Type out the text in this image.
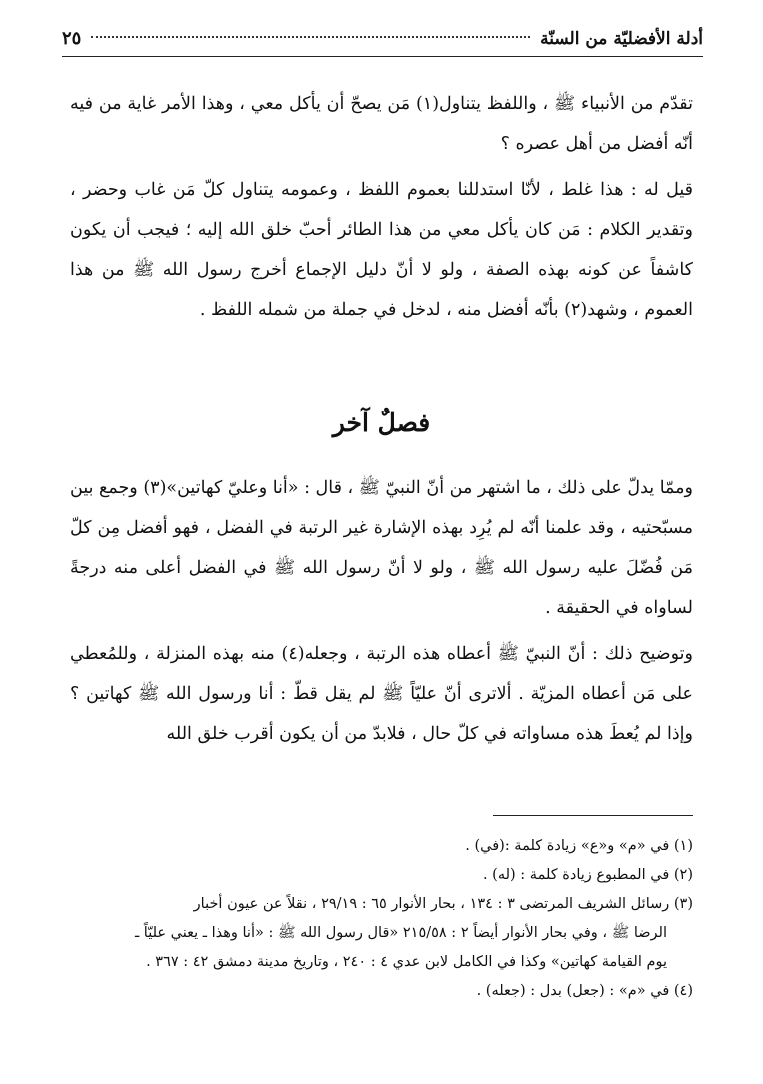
أدلة الأفضليّة من السنّة
٢٥

تقدّم من الأنبياء ﷺ ، واللفظ يتناول(١) مَن يصحّ أن يأكل معي ، وهذا الأمر غاية من فيه أنّه أفضل من أهل عصره ؟

قيل له : هذا غلط ، لأنّا استدللنا بعموم اللفظ ، وعمومه يتناول كلّ مَن غاب وحضر ، وتقدير الكلام : مَن كان يأكل معي من هذا الطائر أحبّ خلق الله إليه ؛ فيجب أن يكون كاشفاً عن كونه بهذه الصفة ، ولو لا أنّ دليل الإجماع أخرج رسول الله ﷺ من هذا العموم ، وشهد(٢) بأنّه أفضل منه ، لدخل في جملة من شمله اللفظ .

فصلٌ آخر

وممّا يدلّ على ذلك ، ما اشتهر من أنّ النبيّ ﷺ ، قال : «أنا وعليّ كهاتين»(٣) وجمع بين مسبّحتيه ، وقد علمنا أنّه لم يُرِد بهذه الإشارة غير الرتبة في الفضل ، فهو أفضل مِن كلّ مَن فُضّلَ عليه رسول الله ﷺ ، ولو لا أنّ رسول الله ﷺ في الفضل أعلى منه درجةً لساواه في الحقيقة .

وتوضيح ذلك : أنّ النبيّ ﷺ أعطاه هذه الرتبة ، وجعله(٤) منه بهذه المنزلة ، وللمُعطي على مَن أعطاه المزيّة . ألاترى أنّ عليّاً ﷺ لم يقل قطّ : أنا ورسول الله ﷺ كهاتين ؟ وإذا لم يُعطَ هذه مساواته في كلّ حال ، فلابدّ من أن يكون أقرب خلق الله

(١) في «م» و«ع» زيادة كلمة :(في) .

(٢) في المطبوع زيادة كلمة : (له) .

(٣) رسائل الشريف المرتضى ٣ : ١٣٤ ، بحار الأنوار ٦٥ : ٢٩/١٩ ، نقلاً عن عيون أخبار

الرضا ﷺ ، وفي بحار الأنوار أيضاً ٢ : ٢١٥/٥٨ «قال رسول الله ﷺ : «أنا وهذا ـ يعني عليّاً ـ

يوم القيامة كهاتين» وكذا في الكامل لابن عدي ٤ : ٢٤٠ ، وتاريخ مدينة دمشق ٤٢ : ٣٦٧ .

(٤) في «م» : (جعل) بدل : (جعله) .
